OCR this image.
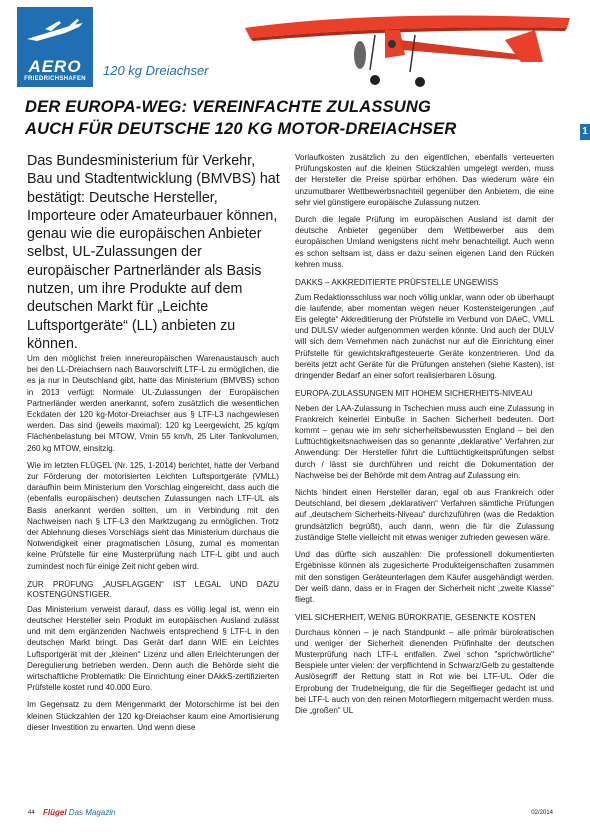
AERO
FRIEDRICHSHAFEN
120 kg Dreiachser
DER EUROPA-WEG: VEREINFACHTE ZULASSUNG
AUCH FÜR DEUTSCHE 120 KG MOTOR-DREIACHSER	1
Das Bundesministerium für Verkehr, Bau und Stadtentwicklung (BMVBS) hat bestätigt: Deutsche Hersteller, Importeure oder Amateurbauer können, genau wie die europäischen Anbieter selbst, UL-Zulassungen der europäischer Partnerländer als Basis nutzen, um ihre Produkte auf dem deutschen Markt für „Leichte Luftsportgeräte“ (LL) anbieten zu können.

Um den möglichst freien innereuropäischen Warenaustausch auch bei den LL-Dreiachsern nach Bauvorschrift LTF-L zu ermöglichen, die es ja nur in Deutschland gibt, hatte das Ministerium (BMVBS) schon in 2013 verfügt: Normale UL-Zulassungen der Europäischen Partnerländer werden anerkannt, sofern zusätzlich die wesentlichen Eckdaten der 120 kg-Motor-Dreiachser aus § LTF-L3 nachgewiesen werden. Das sind (jeweils maximal): 120 kg Leergewicht, 25 kg/qm Flächenbelastung bei MTOW, Vmin 55 km/h, 25 Liter Tankvolumen, 260 kg MTOW, einsitzig.

Wie im letzten FLÜGEL (Nr. 125, 1-2014) berichtet, hatte der Verband zur Förderung der motorisierten Leichten Luftsportgeräte (VMLL) daraufhin beim Ministerium den Vorschlag eingereicht, dass auch die (ebenfalls europäischen) deutschen Zulassungen nach LTF-UL als Basis anerkannt werden sollten, um in Verbindung mit den Nachweisen nach § LTF-L3 den Marktzugang zu ermöglichen. Trotz der Ablehnung dieses Vorschlags sieht das Ministerium durchaus die Notwendigkeit einer pragmatischen Lösung, zumal es momentan keine Prüfstelle für eine Musterprüfung nach LTF-L gibt und auch zumindest noch für einige Zeit nicht geben wird.

ZUR PRÜFUNG „AUSFLAGGEN“ IST LEGAL UND DAZU KOSTENGÜNSTIGER.

Das Ministerium verweist darauf, dass es völlig legal ist, wenn ein deutscher Hersteller sein Produkt im europäischen Ausland zulässt und mit dem ergänzenden Nachweis entsprechend § LTF-L in den deutschen Markt bringt. Das Gerät darf dann WIE ein Leichtes Luftsportgerät mit der „kleinen“ Lizenz und allen Erleichterungen der Deregulierung betrieben werden. Denn auch die Behörde sieht die wirtschaftliche Problematik: Die Einrichtung einer DAkkS-zertifizierten Prüfstelle kostet rund 40.000 Euro.

Im Gegensatz zu dem Mengenmarkt der Motorschirme ist bei den kleinen Stückzahlen der 120 kg-Dreiachser kaum eine Amortisierung dieser Investition zu erwarten. Und wenn diese

Vorlaufkosten zusätzlich zu den eigentlichen, ebenfalls verteuerten Prüfungskosten auf die kleinen Stückzahlen umgelegt werden, muss der Hersteller die Preise spürbar erhöhen. Das wiederum wäre ein unzumutbarer Wettbewerbsnachteil gegenüber den Anbietern, die eine sehr viel günstigere europäische Zulassung nutzen.

Durch die legale Prüfung im europäischen Ausland ist damit der deutsche Anbieter gegenüber dem Wettbewerber aus dem europäischen Umland wenigstens nicht mehr benachteiligt. Auch wenn es schon seltsam ist, dass er dazu seinen eigenen Land den Rücken kehren muss.

DAKKS – AKKREDITIERTE PRÜFSTELLE UNGEWISS

Zum Redaktionsschluss war noch völlig unklar, wann oder ob überhaupt die laufende, aber momentan wegen neuer Kostensteigerungen „auf Eis gelegte“ Akkreditierung der Prüfstelle im Verbund von DAeC, VMLL und DULSV wieder aufgenommen werden könnte. Und auch der DULV will sich dem Vernehmen nach zunächst nur auf die Einrichtung einer Prüfstelle für gewichtskraftgesteuerte Geräte konzentrieren. Und da bereits jetzt acht Geräte für die Prüfungen anstehen (siehe Kasten), ist dringender Bedarf an einer sofort realisierbaren Lösung.

EUROPA-ZULASSUNGEN MIT HOHEM SICHERHEITS-NIVEAU

Neben der LAA-Zulassung in Tschechien muss auch eine Zulassung in Frankreich keinerlei Einbuße in Sachen Sicherheit bedeuten. Dort kommt – genau wie im sehr sicherheitsbewussten England – bei den Lufttüchtigkeitsnachweisen das so genannte „deklarative“ Verfahren zur Anwendung: Der Hersteller führt die Lufttüchtigkeitsprüfungen selbst durch / lässt sie durchführen und reicht die Dokumentation der Nachweise bei der Behörde mit dem Antrag auf Zulassung ein.

Nichts hindert einen Hersteller daran, egal ob aus Frankreich oder Deutschland, bei diesem „deklarativen“ Verfahren sämtliche Prüfungen auf „deutschem Sicherheits-Niveau“ durchzuführen (was die Redaktion grundsätzlich begrüßt), auch dann, wenn die für die Zulassung zuständige Stelle vielleicht mit etwas weniger zufrieden gewesen wäre.

Und das dürfte sich auszahlen: Die professionell dokumentierten Ergebnisse können als zugesicherte Produkteigenschaften zusammen mit den sonstigen Geräteunterlagen dem Käufer ausgehändigt werden. Der weiß dann, dass er in Fragen der Sicherheit nicht „zweite Klasse“ fliegt.

VIEL SICHERHEIT, WENIG BÜROKRATIE, GESENKTE KOSTEN

Durchaus können – je nach Standpunkt – alle primär bürokratischen und weniger der Sicherheit dienenden Prüfinhalte der deutschen Musterprüfung nach LTF-L entfallen. Zwei schon "sprichwörtliche" Beispiele unter vielen: der verpflichtend in Schwarz/Gelb zu gestaltende Auslösegriff der Rettung statt in Rot wie bei LTF-UL. Oder die Erprobung der Trudelneigung, die für die Segelflieger gedacht ist und bei LTF-L auch von den reinen Motorfliegern mitgemacht werden muss. Die „großen“ UL

44 Flügel Das Magazin	02/2014
